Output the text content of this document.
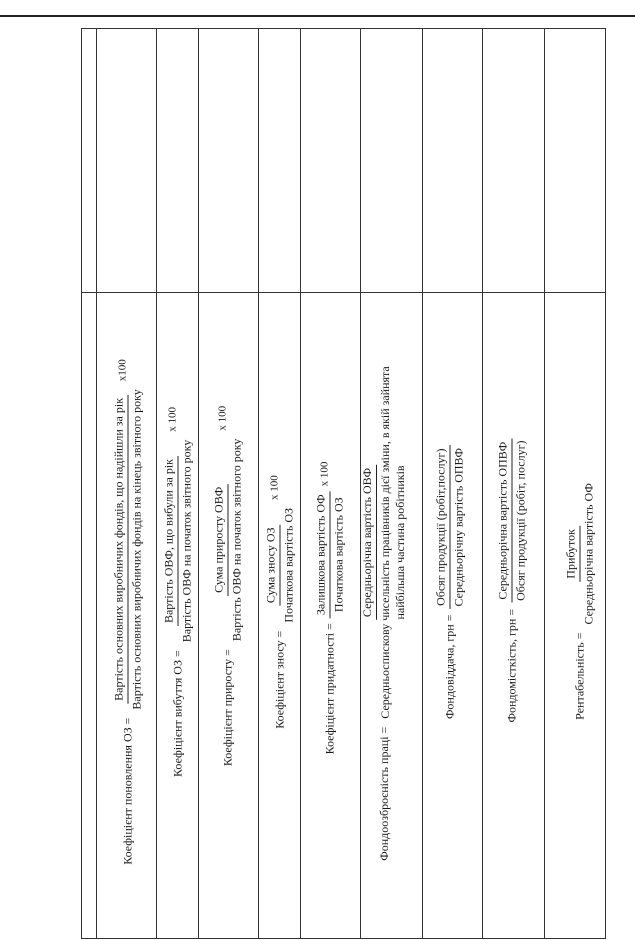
Коефіцієнт поновлення ОЗ =
Вартість основних виробничих фондів, що надійшли за рік Вартість основних виробничих фондів на кінець звітного року
х100
Коефіцієнт вибуття ОЗ =
Вартість ОВФ, що вибули за рік Вартість ОВФ на початок звітного року
х 100
Коефіцієнт приросту =
Сума приросту ОВФ Вартість ОВФ на початок звітного року
х 100
Коефіцієнт зносу =
Сума зносу ОЗ Початкова вартість ОЗ
х 100
Коефіцієнт придатності =
Залишкова вартість ОФ Початкова вартість ОЗ
х 100
Фондоозброєність праці =
Середньорічна вартість ОВФ Середньоспискову чисельність працівників дієї зміни, в якій зайнята найбільша частина робітників
Фондовіддача, грн =
Обсяг продукції (робіт,послуг) Середньорічну вартість ОПВФ
Фондомісткість, грн =
Середньорічна вартість ОПВФ Обсяг продукції (робіт, послуг)
Рентабельність =
Прибуток Середньорічна вартість ОФ
